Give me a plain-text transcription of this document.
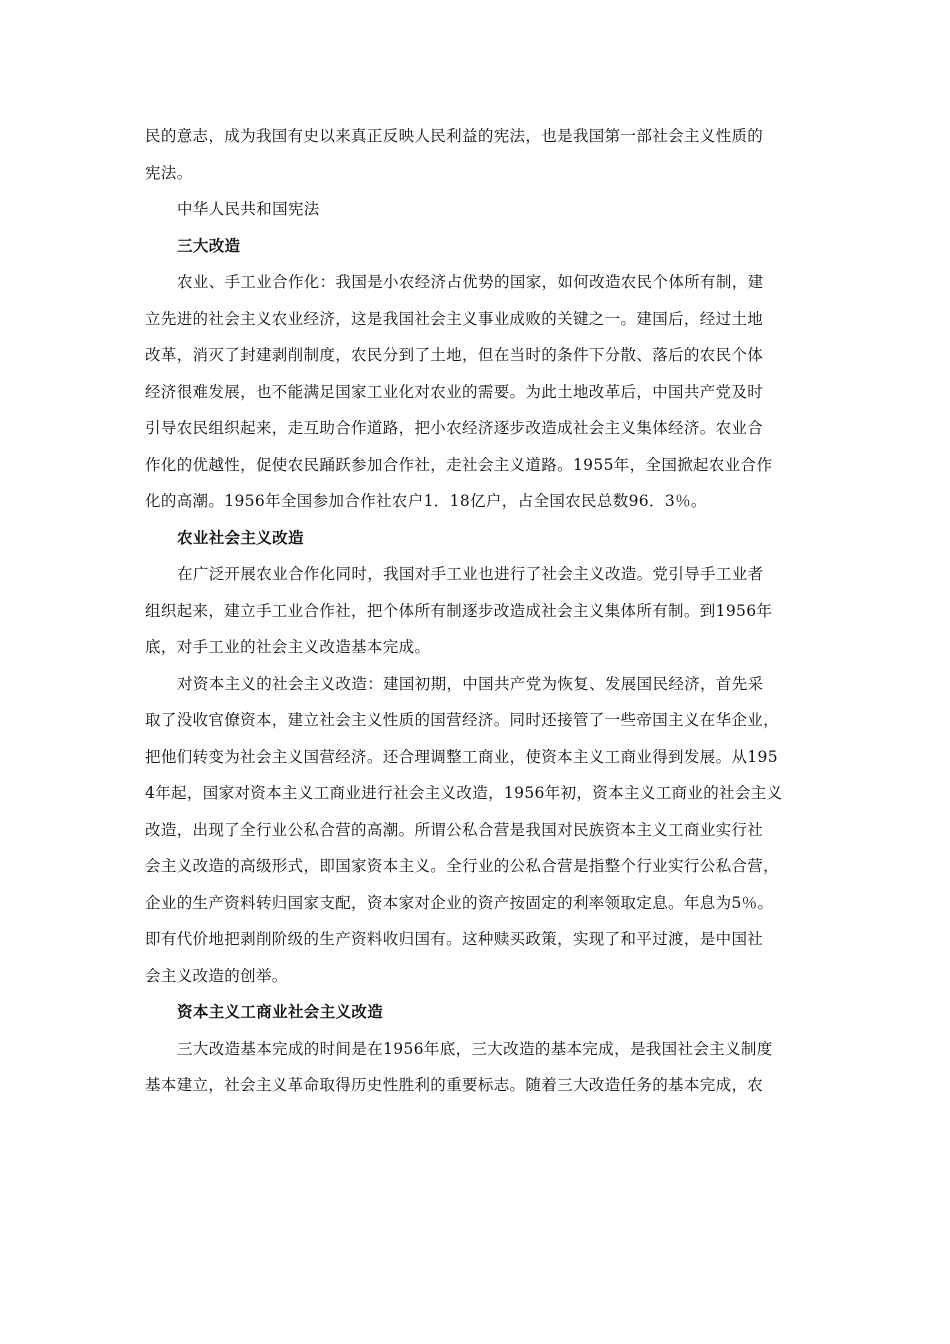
民的意志，成为我国有史以来真正反映人民利益的宪法，也是我国第一部社会主义性质的
宪法。
中华人民共和国宪法
三大改造
农业、手工业合作化：我国是小农经济占优势的国家，如何改造农民个体所有制，建
立先进的社会主义农业经济，这是我国社会主义事业成败的关键之一。建国后，经过土地
改革，消灭了封建剥削制度，农民分到了土地，但在当时的条件下分散、落后的农民个体
经济很难发展，也不能满足国家工业化对农业的需要。为此土地改革后，中国共产党及时
引导农民组织起来，走互助合作道路，把小农经济逐步改造成社会主义集体经济。农业合
作化的优越性，促使农民踊跃参加合作社，走社会主义道路。1955年，全国掀起农业合作
化的高潮。1956年全国参加合作社农户1．18亿户，占全国农民总数96．3％。
农业社会主义改造
在广泛开展农业合作化同时，我国对手工业也进行了社会主义改造。党引导手工业者
组织起来，建立手工业合作社，把个体所有制逐步改造成社会主义集体所有制。到1956年
底，对手工业的社会主义改造基本完成。
对资本主义的社会主义改造：建国初期，中国共产党为恢复、发展国民经济，首先采
取了没收官僚资本，建立社会主义性质的国营经济。同时还接管了一些帝国主义在华企业，
把他们转变为社会主义国营经济。还合理调整工商业，使资本主义工商业得到发展。从195
4年起，国家对资本主义工商业进行社会主义改造，1956年初，资本主义工商业的社会主义
改造，出现了全行业公私合营的高潮。所谓公私合营是我国对民族资本主义工商业实行社
会主义改造的高级形式，即国家资本主义。全行业的公私合营是指整个行业实行公私合营，
企业的生产资料转归国家支配，资本家对企业的资产按固定的利率领取定息。年息为5％。
即有代价地把剥削阶级的生产资料收归国有。这种赎买政策，实现了和平过渡，是中国社
会主义改造的创举。
资本主义工商业社会主义改造
三大改造基本完成的时间是在1956年底，三大改造的基本完成，是我国社会主义制度
基本建立，社会主义革命取得历史性胜利的重要标志。随着三大改造任务的基本完成，农
